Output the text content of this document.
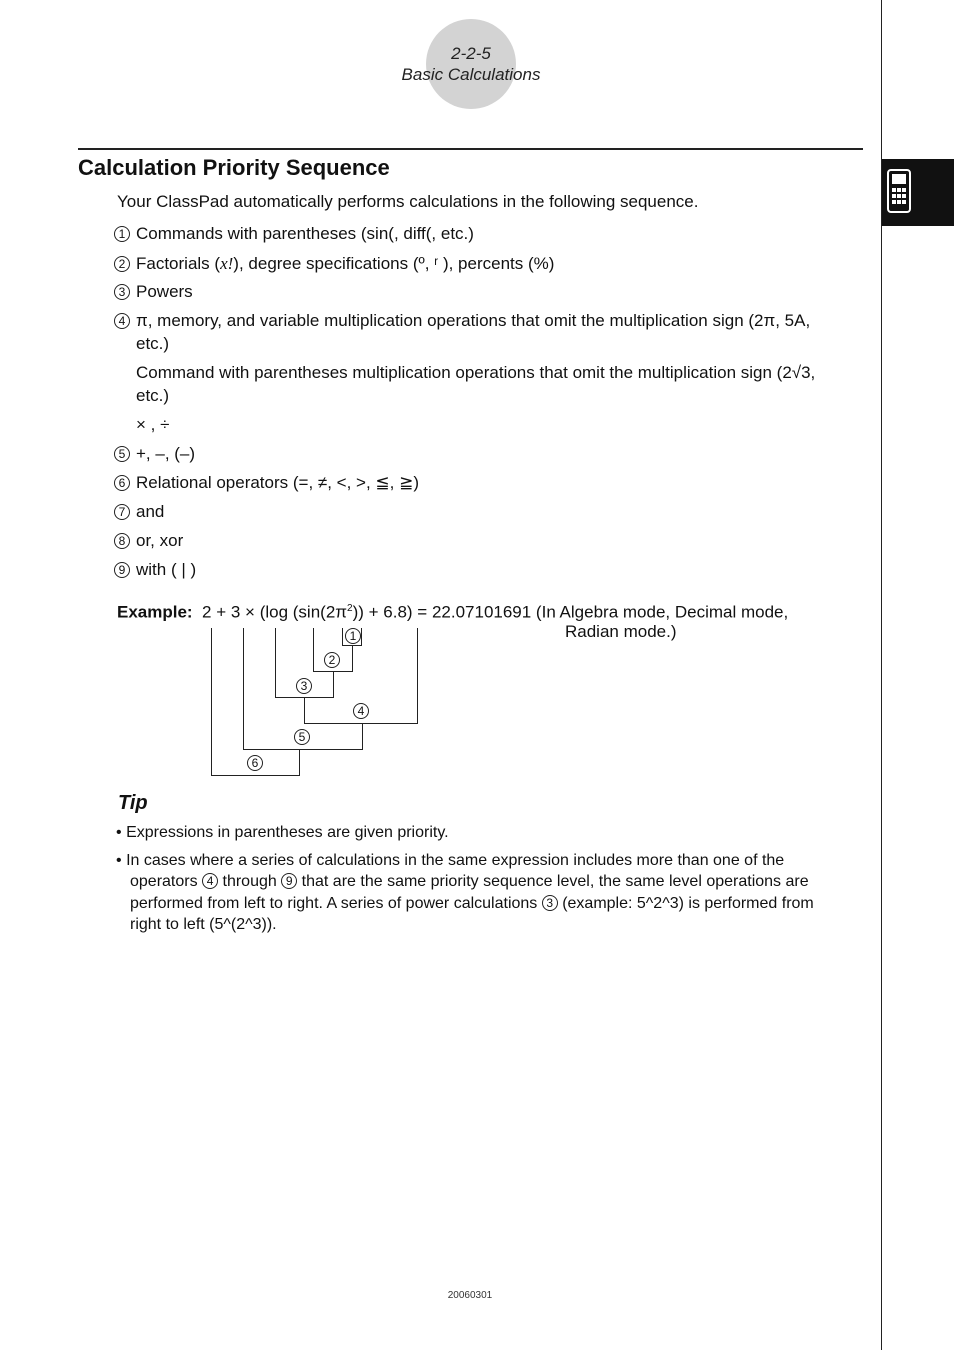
2-2-5
Basic Calculations
Calculation Priority Sequence
Your ClassPad automatically performs calculations in the following sequence.
1 Commands with parentheses (sin(, diff(, etc.)
2 Factorials (x!), degree specifications (º, ʳ ), percents (%)
3 Powers
4 π, memory, and variable multiplication operations that omit the multiplication sign (2π, 5A,
etc.)
Command with parentheses multiplication operations that omit the multiplication sign (2√3,
etc.)
× , ÷
5 +, –, (–)
6 Relational operators (=, ≠, <, >, ≦, ≧)
7 and
8 or, xor
9 with ( | )
Example: 2 + 3 × (log $(\sin(2\pi^2)) + 6.8) = 22.07101691$ (In Algebra mode, Decimal mode,
Radian mode.)
1
2
3
4
5
6
Tip
• Expressions in parentheses are given priority.
• In cases where a series of calculations in the same expression includes more than one of the
operators 4 through 9 that are the same priority sequence level, the same level operations are
performed from left to right. A series of power calculations 3 (example: 5^2^3) is performed from
right to left (5^(2^3)).
20060301
